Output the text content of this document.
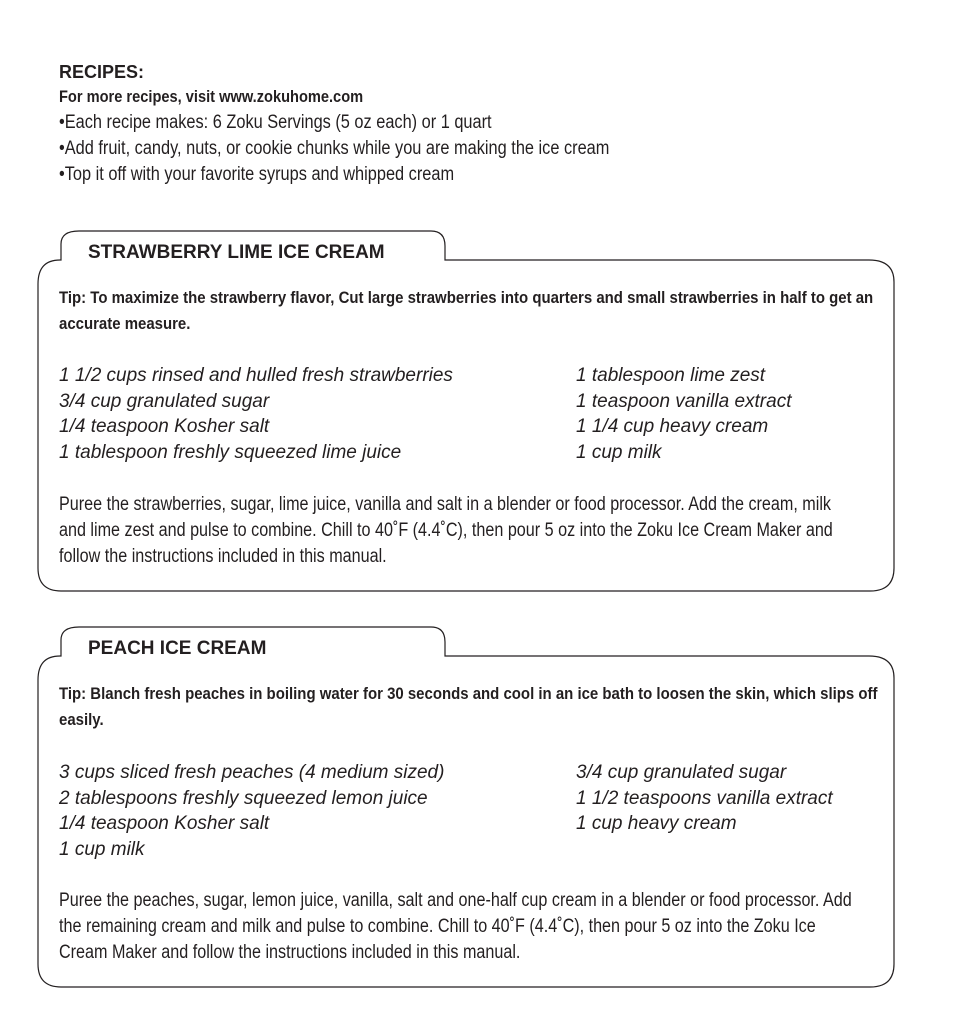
RECIPES:
For more recipes, visit www.zokuhome.com
• Each recipe makes: 6 Zoku Servings (5 oz each) or 1 quart
• Add fruit, candy, nuts, or cookie chunks while you are making the ice cream
• Top it off with your favorite syrups and whipped cream
STRAWBERRY LIME ICE CREAM
Tip: To maximize the strawberry flavor, Cut large strawberries into quarters and small strawberries in half to get an accurate measure.
1 1/2 cups rinsed and hulled fresh strawberries
3/4 cup granulated sugar
1/4 teaspoon Kosher salt
1 tablespoon freshly squeezed lime juice
1 tablespoon lime zest
1 teaspoon vanilla extract
1 1/4 cup heavy cream
1 cup milk

Puree the strawberries, sugar, lime juice, vanilla and salt in a blender or food processor. Add the cream, milk and lime zest and pulse to combine. Chill to 40˚F (4.4˚C), then pour 5 oz into the Zoku Ice Cream Maker and follow the instructions included in this manual.

PEACH ICE CREAM
Tip: Blanch fresh peaches in boiling water for 30 seconds and cool in an ice bath to loosen the skin, which slips off easily.
3 cups sliced fresh peaches (4 medium sized)
2 tablespoons freshly squeezed lemon juice
1/4 teaspoon Kosher salt
1 cup milk
3/4 cup granulated sugar
1 1/2 teaspoons vanilla extract
1 cup heavy cream

Puree the peaches, sugar, lemon juice, vanilla, salt and one-half cup cream in a blender or food processor. Add the remaining cream and milk and pulse to combine. Chill to 40˚F (4.4˚C), then pour 5 oz into the Zoku Ice Cream Maker and follow the instructions included in this manual.
